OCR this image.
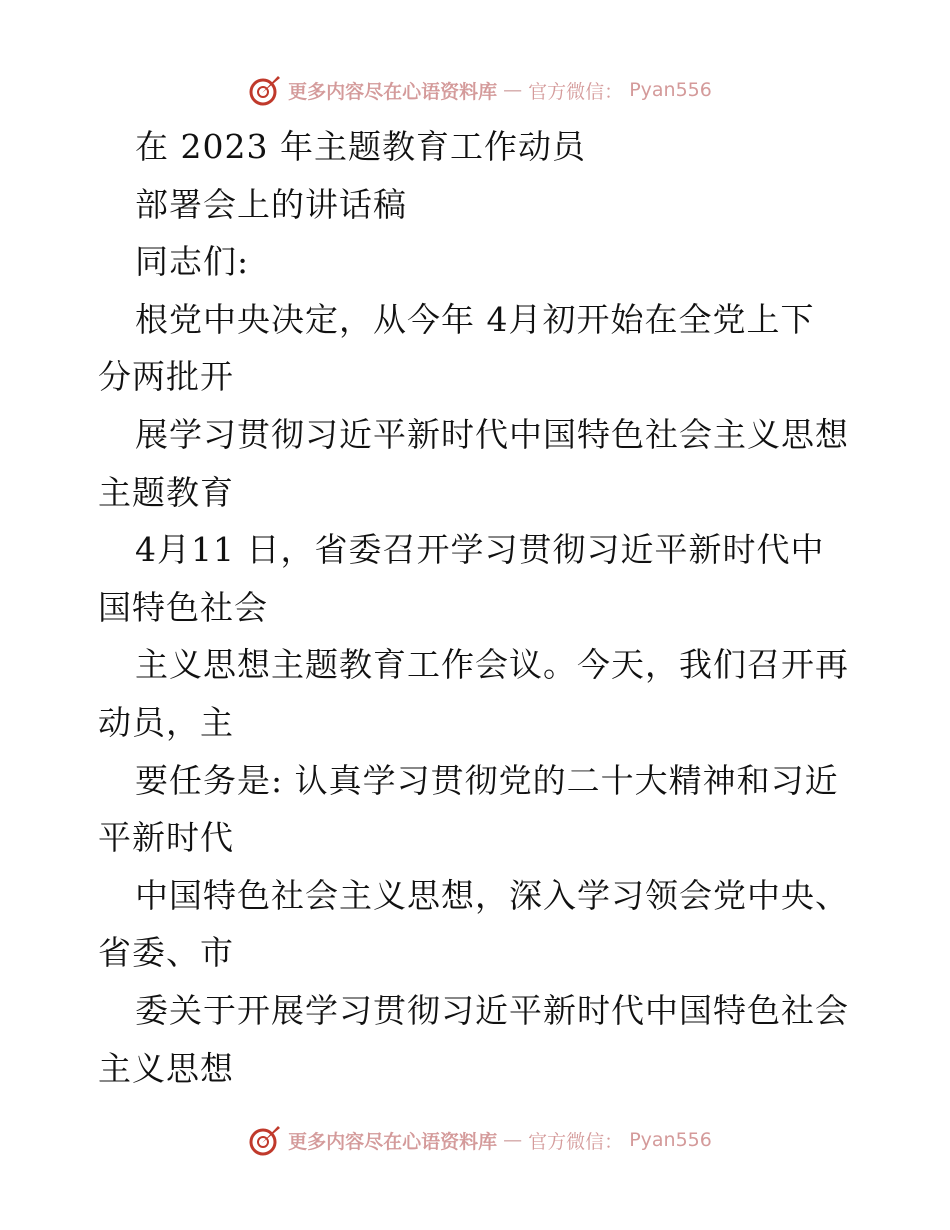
更多内容尽在心语资料库 — 官方微信： Pyan556
在 2023 年主题教育工作动员
部署会上的讲话稿
同志们:
根党中央决定，从今年 4月初开始在全党上下
分两批开
展学习贯彻习近平新时代中国特色社会主义思想
主题教育
4月11 日，省委召开学习贯彻习近平新时代中
国特色社会
主义思想主题教育工作会议。今天，我们召开再
动员，主
要任务是: 认真学习贯彻党的二十大精神和习近
平新时代
中国特色社会主义思想，深入学习领会党中央、
省委、市
委关于开展学习贯彻习近平新时代中国特色社会
主义思想
更多内容尽在心语资料库 — 官方微信： Pyan556
